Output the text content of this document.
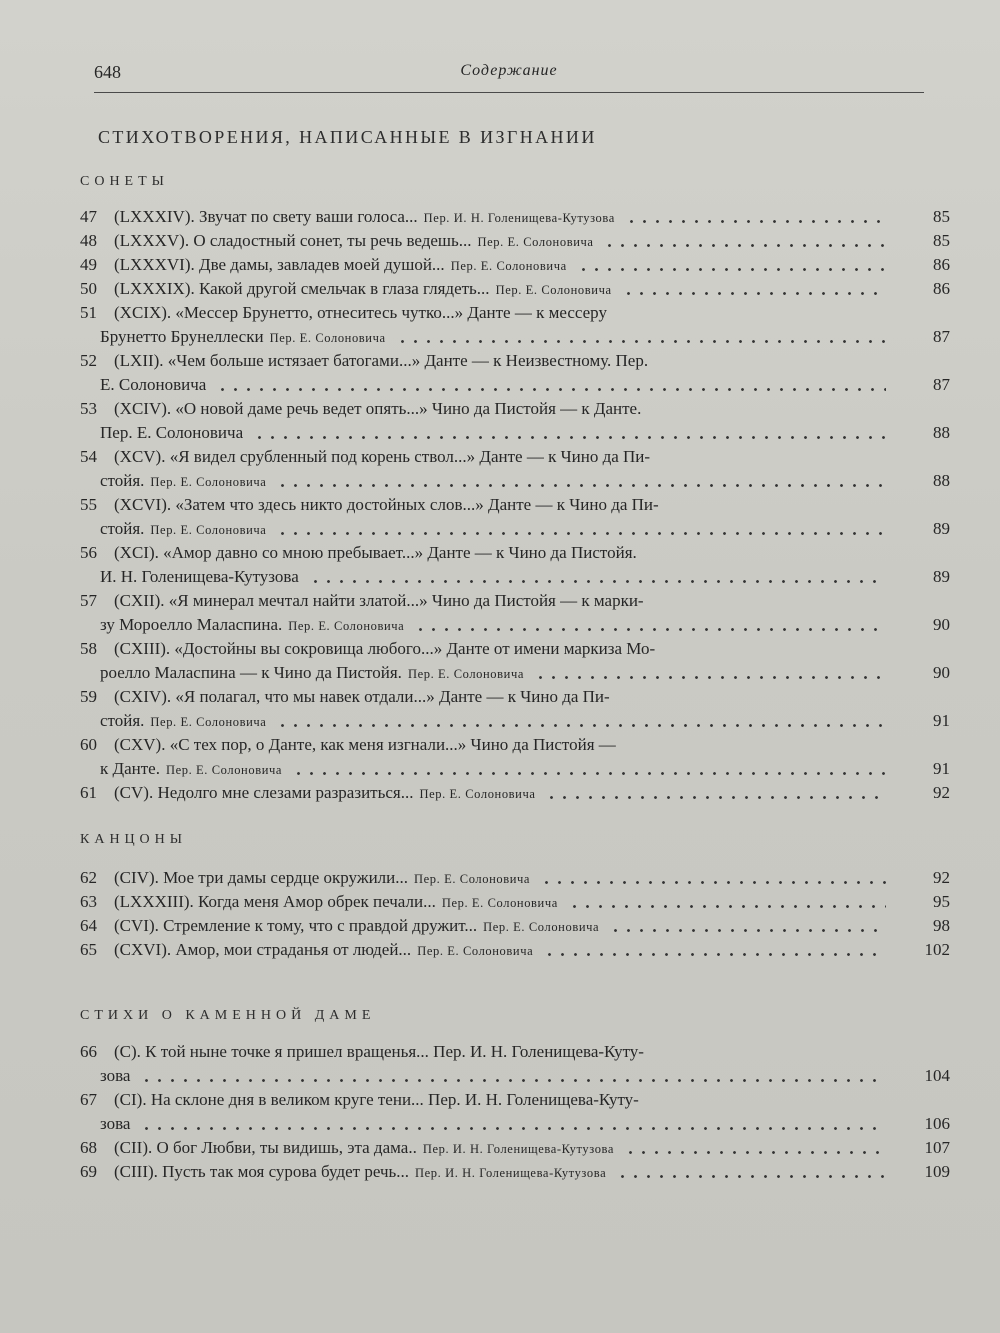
648	Содержание
СТИХОТВОРЕНИЯ, НАПИСАННЫЕ В ИЗГНАНИИ
СОНЕТЫ
47 (LXXXIV). Звучат по свету ваши голоса... Пер. И. Н. Голенищева-Кутузова	85
48 (LXXXV). О сладостный сонет, ты речь ведешь... Пер. Е. Солоновича	85
49 (LXXXVI). Две дамы, завладев моей душой... Пер. Е. Солоновича	86
50 (LXXXIX). Какой другой смельчак в глаза глядеть... Пер. Е. Солоновича	86
51 (XCIX). «Мессер Брунетто, отнеситесь чутко...» Данте — к мессеру
Брунетто Брунеллески Пер. Е. Солоновича	87
52 (LXII). «Чем больше истязает батогами...» Данте — к Неизвестному. Пер.
Е. Солоновича	87
53 (XCIV). «О новой даме речь ведет опять...» Чино да Пистойя — к Данте.
Пер. Е. Солоновича	88
54 (XCV). «Я видел срубленный под корень ствол...» Данте — к Чино да Пи-
стойя. Пер. Е. Солоновича	88
55 (XCVI). «Затем что здесь никто достойных слов...» Данте — к Чино да Пи-
стойя. Пер. Е. Солоновича	89
56 (XCI). «Амор давно со мною пребывает...» Данте — к Чино да Пистойя.
И. Н. Голенищева-Кутузова	89
57 (CXII). «Я минерал мечтал найти златой...» Чино да Пистойя — к марки-
зу Мороелло Маласпина. Пер. Е. Солоновича	90
58 (CXIII). «Достойны вы сокровища любого...» Данте от имени маркиза Мо-
роелло Маласпина — к Чино да Пистойя. Пер. Е. Солоновича	90
59 (CXIV). «Я полагал, что мы навек отдали...» Данте — к Чино да Пи-
стойя. Пер. Е. Солоновича	91
60 (CXV). «С тех пор, о Данте, как меня изгнали...» Чино да Пистойя —
к Данте. Пер. Е. Солоновича	91
61 (CV). Недолго мне слезами разразиться... Пер. Е. Солоновича	92
КАНЦОНЫ
62 (CIV). Мое три дамы сердце окружили... Пер. Е. Солоновича	92
63 (LXXXIII). Когда меня Амор обрек печали... Пер. Е. Солоновича	95
64 (CVI). Стремление к тому, что с правдой дружит... Пер. Е. Солоновича	98
65 (CXVI). Амор, мои страданья от людей... Пер. Е. Солоновича	102
СТИХИ О КАМЕННОЙ ДАМЕ
66 (C). К той ныне точке я пришел вращенья... Пер. И. Н. Голенищева-Куту-
зова	104
67 (CI). На склоне дня в великом круге тени... Пер. И. Н. Голенищева-Куту-
зова	106
68 (CII). О бог Любви, ты видишь, эта дама.. Пер. И. Н. Голенищева-Кутузова	107
69 (CIII). Пусть так моя сурова будет речь... Пер. И. Н. Голенищева-Кутузова	109
